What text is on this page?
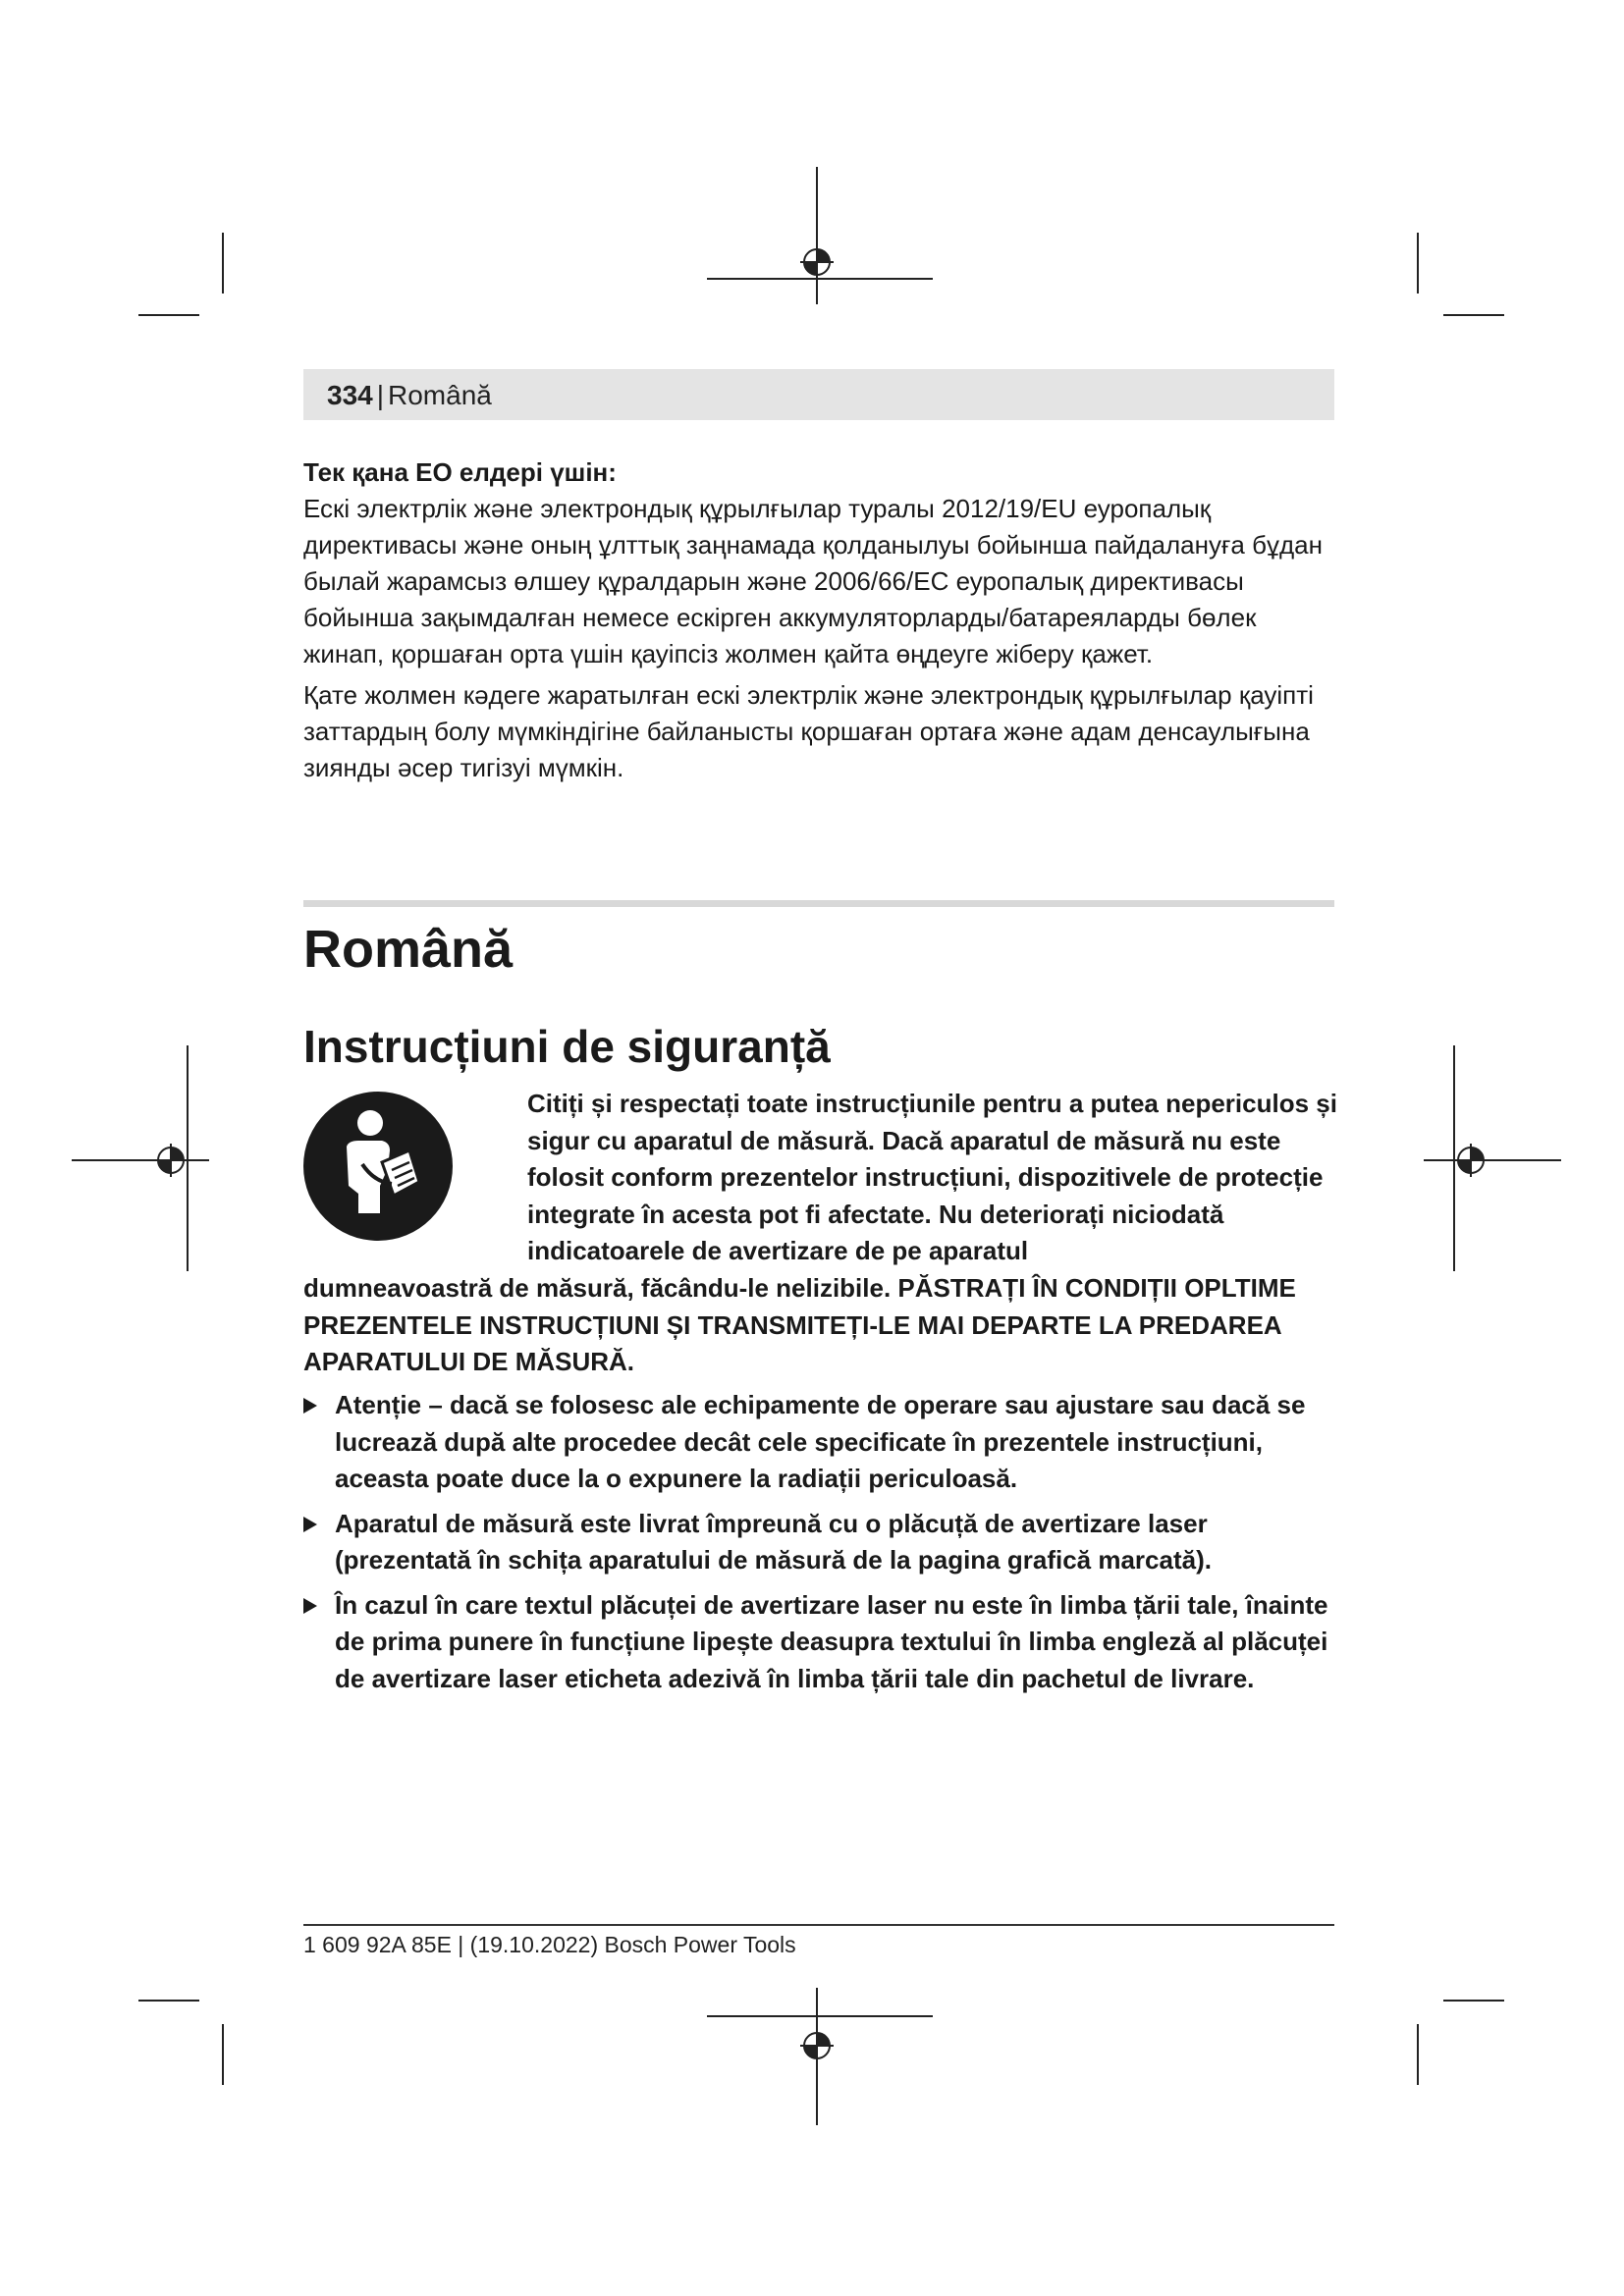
334 | Română
Тек қана ЕО елдері үшін:
Ескі электрлік және электрондық құрылғылар туралы 2012/19/EU еуропалық директивасы және оның ұлттық заңнамада қолданылуы бойынша пайдалануға бұдан былай жарамсыз өлшеу құралдарын және 2006/66/EC еуропалық директивасы бойынша зақымдалған немесе ескірген аккумуляторларды/батареяларды бөлек жинап, қоршаған орта үшін қауіпсіз жолмен қайта өңдеуге жіберу қажет.
Қате жолмен кәдеге жаратылған ескі электрлік және электрондық құрылғылар қауіпті заттардың болу мүмкіндігіне байланысты қоршаған ортаға және адам денсаулығына зиянды әсер тигізуі мүмкін.
Română
Instrucțiuni de siguranță
Citiți și respectați toate instrucțiunile pentru a putea nepericulos și sigur cu aparatul de măsură. Dacă aparatul de măsură nu este folosit conform prezentelor instrucțiuni, dispozitivele de protecție integrate în acesta pot fi afectate. Nu deteriorați niciodată indicatoarele de avertizare de pe aparatul
dumneavoastră de măsură, făcându-le nelizibile. PĂSTRAȚI ÎN CONDIȚII OPLTIME PREZENTELE INSTRUCȚIUNI ȘI TRANSMITEȚI-LE MAI DEPARTE LA PREDAREA APARATULUI DE MĂSURĂ.
Atenție – dacă se folosesc ale echipamente de operare sau ajustare sau dacă se lucrează după alte procedee decât cele specificate în prezentele instrucțiuni, aceasta poate duce la o expunere la radiații periculoasă.
Aparatul de măsură este livrat împreună cu o plăcuță de avertizare laser (prezentată în schița aparatului de măsură de la pagina grafică marcată).
În cazul în care textul plăcuței de avertizare laser nu este în limba țării tale, înainte de prima punere în funcțiune lipește deasupra textului în limba engleză al plăcuței de avertizare laser eticheta adezivă în limba țării tale din pachetul de livrare.
1 609 92A 85E | (19.10.2022) Bosch Power Tools
